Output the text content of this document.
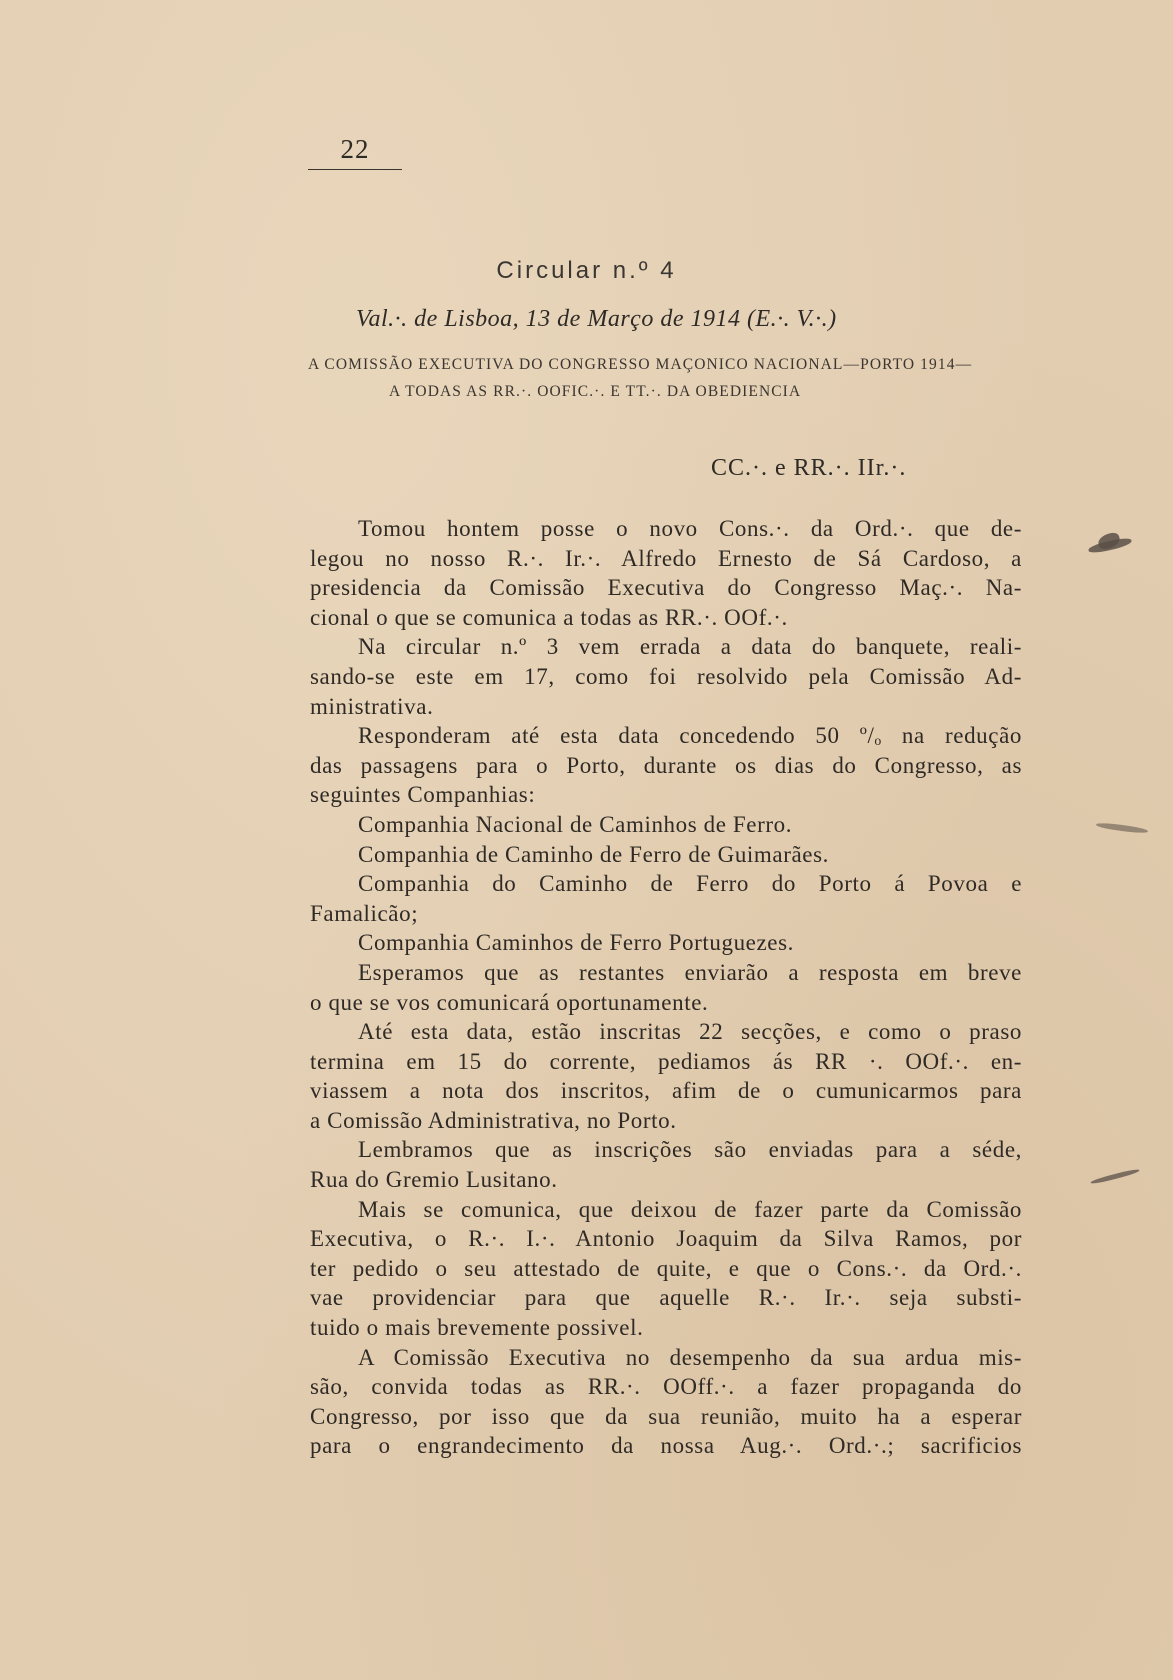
22
Circular n.º 4
Val.·. de Lisboa, 13 de Março de 1914 (E.·. V.·.)
A COMISSÃO EXECUTIVA DO CONGRESSO MAÇONICO NACIONAL—PORTO 1914—
A TODAS AS RR.·. OOFIC.·. E TT.·. DA OBEDIENCIA
CC.·. e RR.·. IIr.·.
Tomou hontem posse o novo Cons.·. da Ord.·. que de-
legou no nosso R.·. Ir.·. Alfredo Ernesto de Sá Cardoso, a
presidencia da Comissão Executiva do Congresso Maç.·. Na-
cional o que se comunica a todas as RR.·. OOf.·.
Na circular n.º 3 vem errada a data do banquete, reali-
sando-se este em 17, como foi resolvido pela Comissão Ad-
ministrativa.
Responderam até esta data concedendo 50 º/ₒ na redução
das passagens para o Porto, durante os dias do Congresso, as
seguintes Companhias:
Companhia Nacional de Caminhos de Ferro.
Companhia de Caminho de Ferro de Guimarães.
Companhia do Caminho de Ferro do Porto á Povoa e
Famalicão;
Companhia Caminhos de Ferro Portuguezes.
Esperamos que as restantes enviarão a resposta em breve
o que se vos comunicará oportunamente.
Até esta data, estão inscritas 22 secções, e como o praso
termina em 15 do corrente, pediamos ás RR ·. OOf.·. en-
viassem a nota dos inscritos, afim de o cumunicarmos para
a Comissão Administrativa, no Porto.
Lembramos que as inscrições são enviadas para a séde,
Rua do Gremio Lusitano.
Mais se comunica, que deixou de fazer parte da Comissão
Executiva, o R.·. I.·. Antonio Joaquim da Silva Ramos, por
ter pedido o seu attestado de quite, e que o Cons.·. da Ord.·.
vae providenciar para que aquelle R.·. Ir.·. seja substi-
tuido o mais brevemente possivel.
A Comissão Executiva no desempenho da sua ardua mis-
são, convida todas as RR.·. OOff.·. a fazer propaganda do
Congresso, por isso que da sua reunião, muito ha a esperar
para o engrandecimento da nossa Aug.·. Ord.·.; sacrificios
